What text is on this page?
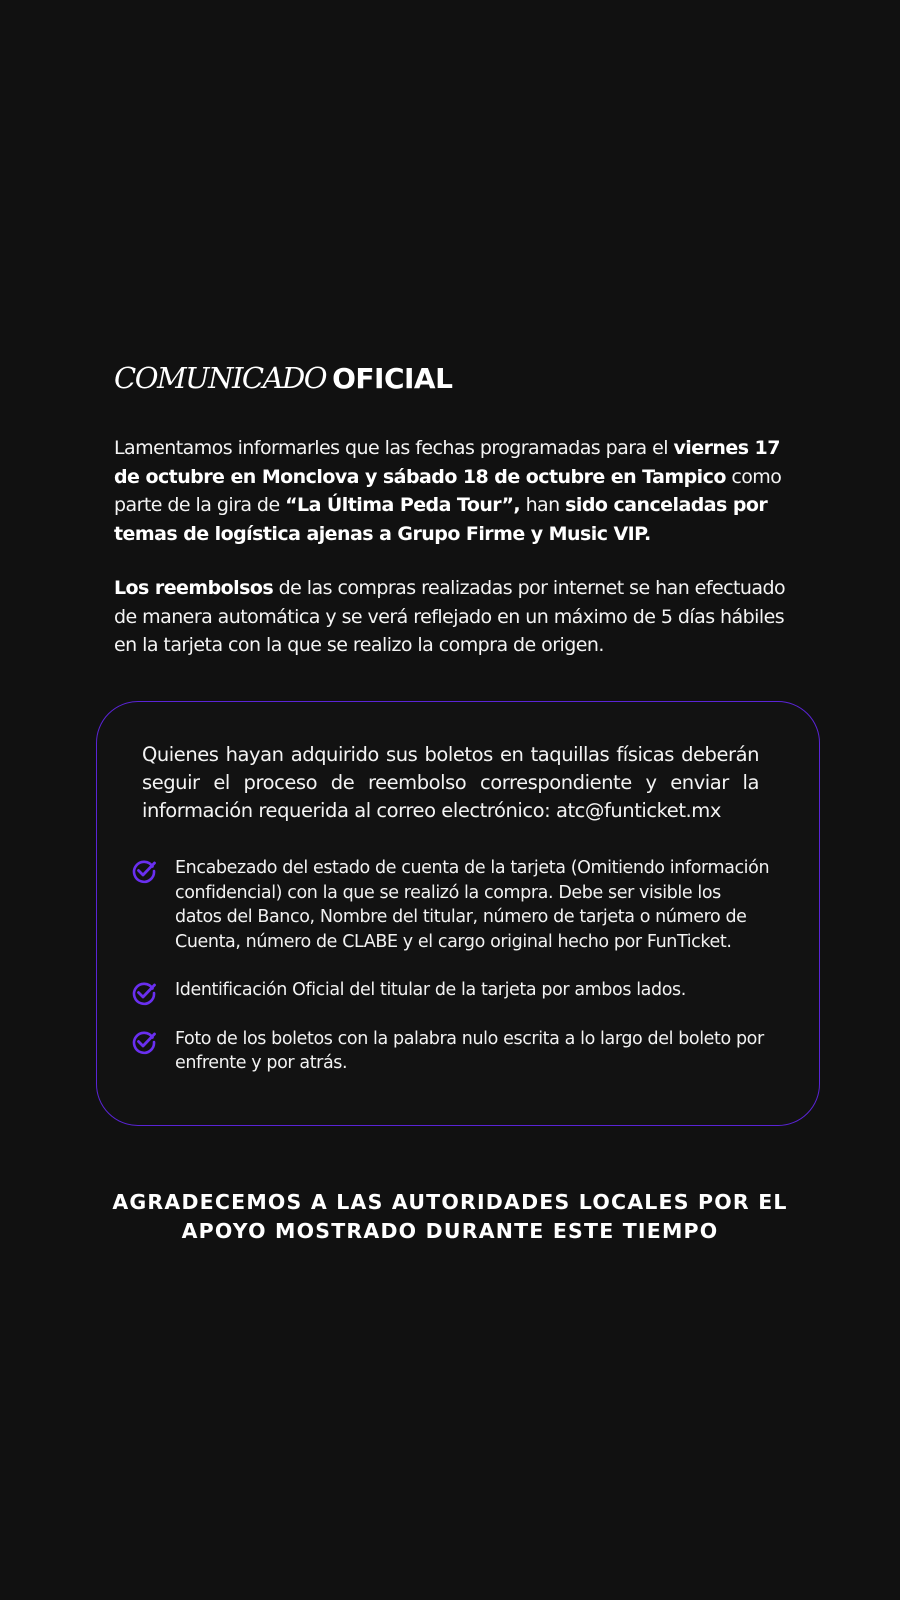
COMUNICADO OFICIAL

Lamentamos informarles que las fechas programadas para el viernes 17 de octubre en Monclova y sábado 18 de octubre en Tampico como parte de la gira de “La Última Peda Tour”, han sido canceladas por temas de logística ajenas a Grupo Firme y Music VIP.

Los reembolsos de las compras realizadas por internet se han efectuado de manera automática y se verá reflejado en un máximo de 5 días hábiles en la tarjeta con la que se realizo la compra de origen.

Quienes hayan adquirido sus boletos en taquillas físicas deberán seguir el proceso de reembolso correspondiente y enviar la información requerida al correo electrónico: atc@funticket.mx

Encabezado del estado de cuenta de la tarjeta (Omitiendo información confidencial) con la que se realizó la compra. Debe ser visible los datos del Banco, Nombre del titular, número de tarjeta o número de Cuenta, número de CLABE y el cargo original hecho por FunTicket.
Identificación Oficial del titular de la tarjeta por ambos lados.
Foto de los boletos con la palabra nulo escrita a lo largo del boleto por enfrente y por atrás.

AGRADECEMOS A LAS AUTORIDADES LOCALES POR EL
APOYO MOSTRADO DURANTE ESTE TIEMPO
